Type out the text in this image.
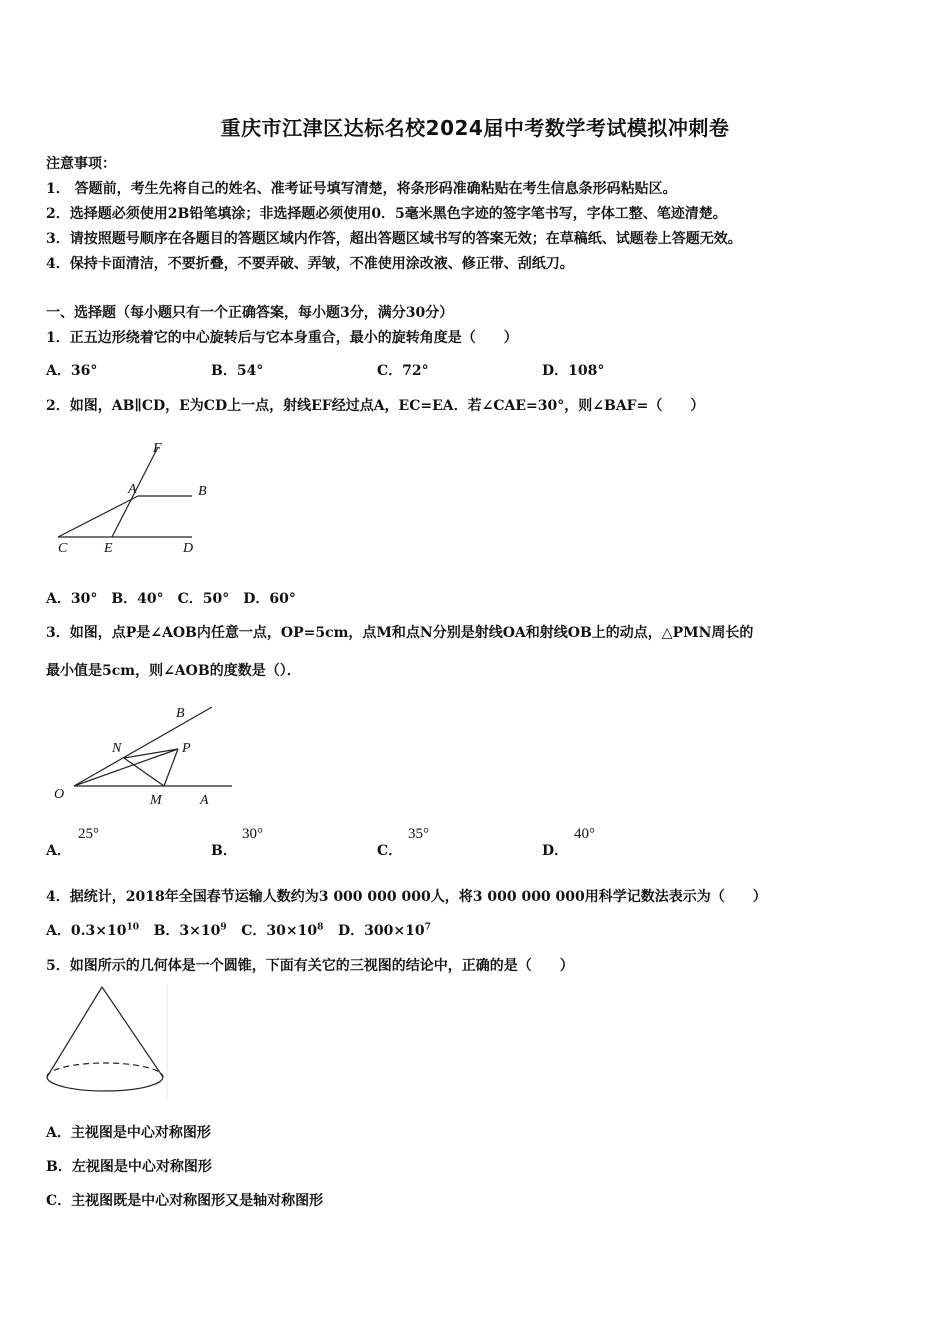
重庆市江津区达标名校2024届中考数学考试模拟冲刺卷
注意事项：
1． 答题前，考生先将自己的姓名、准考证号填写清楚，将条形码准确粘贴在考生信息条形码粘贴区。
2．选择题必须使用2B铅笔填涂；非选择题必须使用0．5毫米黑色字迹的签字笔书写，字体工整、笔迹清楚。
3．请按照题号顺序在各题目的答题区域内作答，超出答题区域书写的答案无效；在草稿纸、试题卷上答题无效。
4．保持卡面清洁，不要折叠，不要弄破、弄皱，不准使用涂改液、修正带、刮纸刀。
一、选择题（每小题只有一个正确答案，每小题3分，满分30分）
1．正五边形绕着它的中心旋转后与它本身重合，最小的旋转角度是（　　）
A．36°	B．54°	C．72°	D．108°
2．如图，AB∥CD，E为CD上一点，射线EF经过点A，EC=EA．若∠CAE=30°，则∠BAF=（　　）
F
A	B
C	E	D
A．30°　B．40°　C．50°　D．60°
3．如图，点P是∠AOB内任意一点，OP=5cm，点M和点N分别是射线OA和射线OB上的动点，△PMN周长的
最小值是5cm，则∠AOB的度数是（）．
B
N	P
O	M	A
A．
25°
B．
30°
C．
35°
D．
40°
4．据统计，2018年全国春节运输人数约为3 000 000 000人，将3 000 000 000用科学记数法表示为（　　）
A．$0.3\times 10^{10}$ B．$3\times 10^9$ C．$30\times 10^8$ D．$300\times 10^7$
5．如图所示的几何体是一个圆锥，下面有关它的三视图的结论中，正确的是（　　）
A．主视图是中心对称图形
B．左视图是中心对称图形
C．主视图既是中心对称图形又是轴对称图形
